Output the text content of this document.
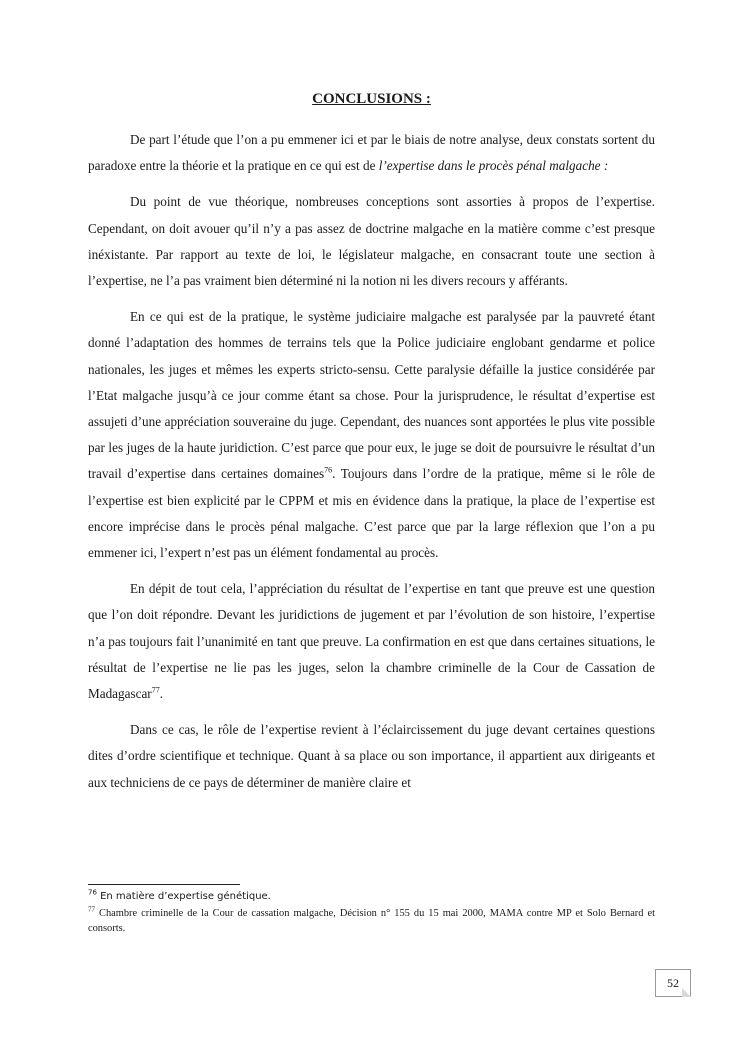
CONCLUSIONS :

De part l’étude que l’on a pu emmener ici et par le biais de notre analyse, deux constats sortent du paradoxe entre la théorie et la pratique en ce qui est de l’expertise dans le procès pénal malgache :

Du point de vue théorique, nombreuses conceptions sont assorties à propos de l’expertise. Cependant, on doit avouer qu’il n’y a pas assez de doctrine malgache en la matière comme c’est presque inéxistante. Par rapport au texte de loi, le législateur malgache, en consacrant toute une section à l’expertise, ne l’a pas vraiment bien déterminé ni la notion ni les divers recours y afférants.

En ce qui est de la pratique, le système judiciaire malgache est paralysée par la pauvreté étant donné l’adaptation des hommes de terrains tels que la Police judiciaire englobant gendarme et police nationales, les juges et mêmes les experts stricto-sensu. Cette paralysie défaille la justice considérée par l’Etat malgache jusqu’à ce jour comme étant sa chose. Pour la jurisprudence, le résultat d’expertise est assujeti d’une appréciation souveraine du juge. Cependant, des nuances sont apportées le plus vite possible par les juges de la haute juridiction. C’est parce que pour eux, le juge se doit de poursuivre le résultat d’un travail d’expertise dans certaines domaines$^{76}$. Toujours dans l’ordre de la pratique, même si le rôle de l’expertise est bien explicité par le CPPM et mis en évidence dans la pratique, la place de l’expertise est encore imprécise dans le procès pénal malgache. C’est parce que par la large réflexion que l’on a pu emmener ici, l’expert n’est pas un élément fondamental au procès.

En dépit de tout cela, l’appréciation du résultat de l’expertise en tant que preuve est une question que l’on doit répondre. Devant les juridictions de jugement et par l’évolution de son histoire, l’expertise n’a pas toujours fait l’unanimité en tant que preuve. La confirmation en est que dans certaines situations, le résultat de l’expertise ne lie pas les juges, selon la chambre criminelle de la Cour de Cassation de Madagascar$^{77}$.

Dans ce cas, le rôle de l’expertise revient à l’éclaircissement du juge devant certaines questions dites d’ordre scientifique et technique. Quant à sa place ou son importance, il appartient aux dirigeants et aux techniciens de ce pays de déterminer de manière claire et

$^{76}$ En matière d’expertise génétique.

$^{77}$ Chambre criminelle de la Cour de cassation malgache, Décision n° 155 du 15 mai 2000, MAMA contre MP et Solo Bernard et consorts.

52
